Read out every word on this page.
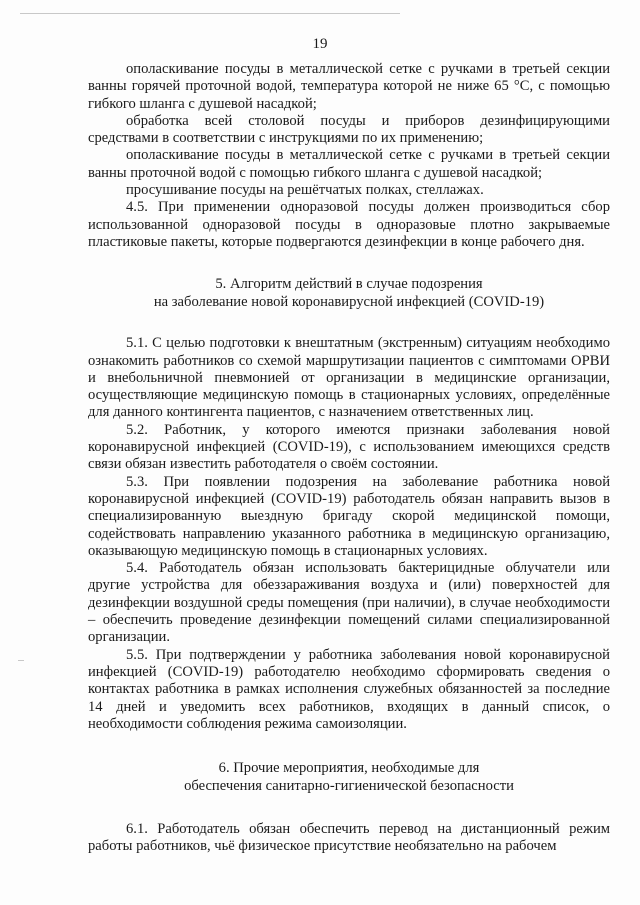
19

ополаскивание посуды в металлической сетке с ручками в третьей секции ванны горячей проточной водой, температура которой не ниже 65 °С, с помощью гибкого шланга с душевой насадкой;

обработка всей столовой посуды и приборов дезинфицирующими средствами в соответствии с инструкциями по их применению;

ополаскивание посуды в металлической сетке с ручками в третьей секции ванны проточной водой с помощью гибкого шланга с душевой насадкой;

просушивание посуды на решётчатых полках, стеллажах.

4.5. При применении одноразовой посуды должен производиться сбор использованной одноразовой посуды в одноразовые плотно закрываемые пластиковые пакеты, которые подвергаются дезинфекции в конце рабочего дня.

5. Алгоритм действий в случае подозрения
на заболевание новой коронавирусной инфекцией (COVID-19)

5.1. С целью подготовки к внештатным (экстренным) ситуациям необходимо ознакомить работников со схемой маршрутизации пациентов с симптомами ОРВИ и внебольничной пневмонией от организации в медицинские организации, осуществляющие медицинскую помощь в стационарных условиях, определённые для данного контингента пациентов, с назначением ответственных лиц.

5.2. Работник, у которого имеются признаки заболевания новой коронавирусной инфекцией (COVID-19), с использованием имеющихся средств связи обязан известить работодателя о своём состоянии.

5.3. При появлении подозрения на заболевание работника новой коронавирусной инфекцией (COVID-19) работодатель обязан направить вызов в специализированную выездную бригаду скорой медицинской помощи, содействовать направлению указанного работника в медицинскую организацию, оказывающую медицинскую помощь в стационарных условиях.

5.4. Работодатель обязан использовать бактерицидные облучатели или другие устройства для обеззараживания воздуха и (или) поверхностей для дезинфекции воздушной среды помещения (при наличии), в случае необходимости – обеспечить проведение дезинфекции помещений силами специализированной организации.

5.5. При подтверждении у работника заболевания новой коронавирусной инфекцией (COVID-19) работодателю необходимо сформировать сведения о контактах работника в рамках исполнения служебных обязанностей за последние 14 дней и уведомить всех работников, входящих в данный список, о необходимости соблюдения режима самоизоляции.

6. Прочие мероприятия, необходимые для
обеспечения санитарно-гигиенической безопасности

6.1. Работодатель обязан обеспечить перевод на дистанционный режим работы работников, чьё физическое присутствие необязательно на рабочем
